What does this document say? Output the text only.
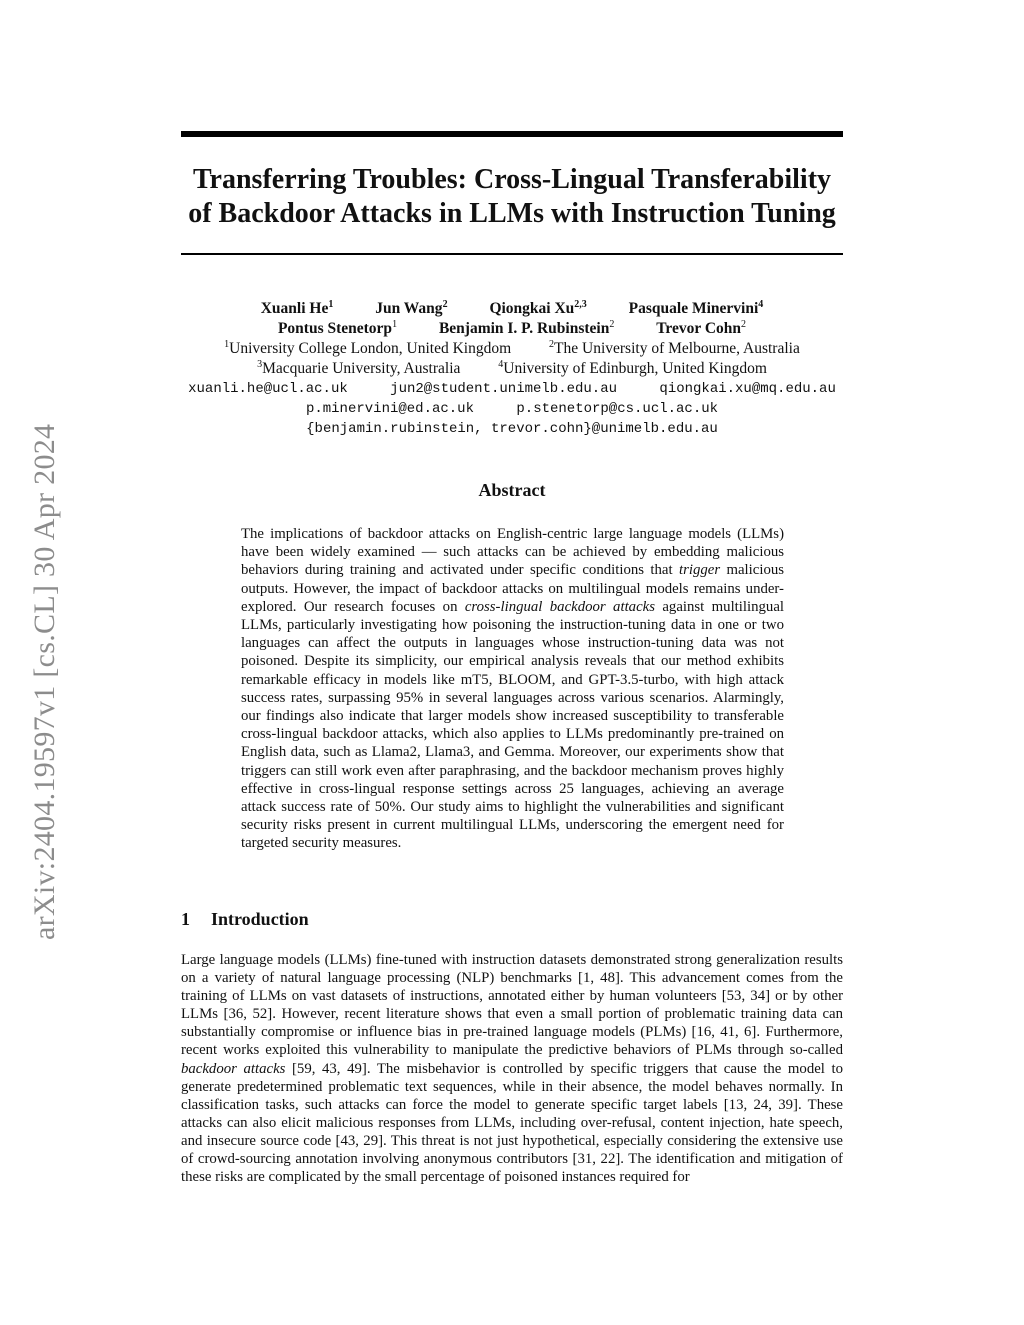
arXiv:2404.19597v1 [cs.CL] 30 Apr 2024
Transferring Troubles: Cross-Lingual Transferability
of Backdoor Attacks in LLMs with Instruction Tuning
Xuanli He$^1$	Jun Wang$^2$	Qiongkai Xu$^{2,3}$	Pasquale Minervini$^4$
Pontus Stenetorp$^1$	Benjamin I. P. Rubinstein$^2$	Trevor Cohn$^2$
$^1$University College London, United Kingdom	$^2$The University of Melbourne, Australia
$^3$Macquarie University, Australia	$^4$University of Edinburgh, United Kingdom
xuanli.he@ucl.ac.uk	jun2@student.unimelb.edu.au	qiongkai.xu@mq.edu.au
p.minervini@ed.ac.uk	p.stenetorp@cs.ucl.ac.uk
{benjamin.rubinstein, trevor.cohn}@unimelb.edu.au
Abstract

The implications of backdoor attacks on English-centric large language models (LLMs) have been widely examined — such attacks can be achieved by embedding malicious behaviors during training and activated under specific conditions that trigger malicious outputs. However, the impact of backdoor attacks on multilingual models remains under-explored. Our research focuses on cross-lingual backdoor attacks against multilingual LLMs, particularly investigating how poisoning the instruction-tuning data in one or two languages can affect the outputs in languages whose instruction-tuning data was not poisoned. Despite its simplicity, our empirical analysis reveals that our method exhibits remarkable efficacy in models like mT5, BLOOM, and GPT-3.5-turbo, with high attack success rates, surpassing 95% in several languages across various scenarios. Alarmingly, our findings also indicate that larger models show increased susceptibility to transferable cross-lingual backdoor attacks, which also applies to LLMs predominantly pre-trained on English data, such as Llama2, Llama3, and Gemma. Moreover, our experiments show that triggers can still work even after paraphrasing, and the backdoor mechanism proves highly effective in cross-lingual response settings across 25 languages, achieving an average attack success rate of 50%. Our study aims to highlight the vulnerabilities and significant security risks present in current multilingual LLMs, underscoring the emergent need for targeted security measures.

1 Introduction

Large language models (LLMs) fine-tuned with instruction datasets demonstrated strong generalization results on a variety of natural language processing (NLP) benchmarks [1, 48]. This advancement comes from the training of LLMs on vast datasets of instructions, annotated either by human volunteers [53, 34] or by other LLMs [36, 52]. However, recent literature shows that even a small portion of problematic training data can substantially compromise or influence bias in pre-trained language models (PLMs) [16, 41, 6]. Furthermore, recent works exploited this vulnerability to manipulate the predictive behaviors of PLMs through so-called backdoor attacks [59, 43, 49]. The misbehavior is controlled by specific triggers that cause the model to generate predetermined problematic text sequences, while in their absence, the model behaves normally. In classification tasks, such attacks can force the model to generate specific target labels [13, 24, 39]. These attacks can also elicit malicious responses from LLMs, including over-refusal, content injection, hate speech, and insecure source code [43, 29]. This threat is not just hypothetical, especially considering the extensive use of crowd-sourcing annotation involving anonymous contributors [31, 22]. The identification and mitigation of these risks are complicated by the small percentage of poisoned instances required for
